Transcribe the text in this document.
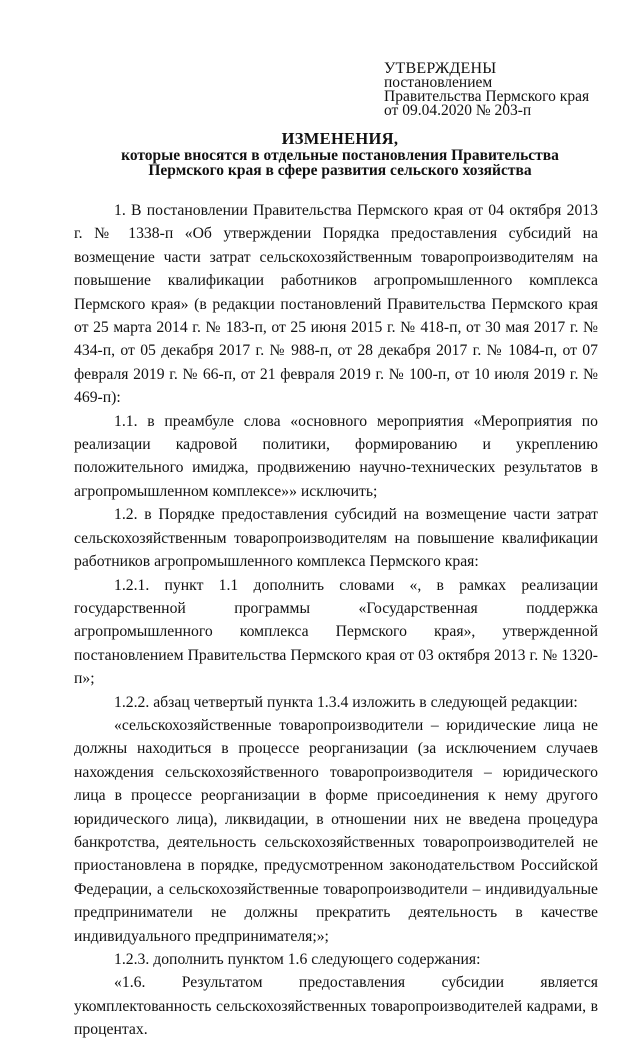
УТВЕРЖДЕНЫ
постановлением
Правительства Пермского края
от 09.04.2020 № 203-п
ИЗМЕНЕНИЯ,
которые вносятся в отдельные постановления Правительства
Пермского края в сфере развития сельского хозяйства

1. В постановлении Правительства Пермского края от 04 октября 2013 г. № 1338-п «Об утверждении Порядка предоставления субсидий на возмещение части затрат сельскохозяйственным товаропроизводителям на повышение квалификации работников агропромышленного комплекса Пермского края» (в редакции постановлений Правительства Пермского края от 25 марта 2014 г. № 183-п, от 25 июня 2015 г. № 418-п, от 30 мая 2017 г. № 434-п, от 05 декабря 2017 г. № 988-п, от 28 декабря 2017 г. № 1084-п, от 07 февраля 2019 г. № 66-п, от 21 февраля 2019 г. № 100-п, от 10 июля 2019 г. № 469-п):

1.1. в преамбуле слова «основного мероприятия «Мероприятия по реализации кадровой политики, формированию и укреплению положительного имиджа, продвижению научно-технических результатов в агропромышленном комплексе»» исключить;

1.2. в Порядке предоставления субсидий на возмещение части затрат сельскохозяйственным товаропроизводителям на повышение квалификации работников агропромышленного комплекса Пермского края:

1.2.1. пункт 1.1 дополнить словами «, в рамках реализации государственной программы «Государственная поддержка агропромышленного комплекса Пермского края», утвержденной постановлением Правительства Пермского края от 03 октября 2013 г. № 1320-п»;

1.2.2. абзац четвертый пункта 1.3.4 изложить в следующей редакции:

«сельскохозяйственные товаропроизводители – юридические лица не должны находиться в процессе реорганизации (за исключением случаев нахождения сельскохозяйственного товаропроизводителя – юридического лица в процессе реорганизации в форме присоединения к нему другого юридического лица), ликвидации, в отношении них не введена процедура банкротства, деятельность сельскохозяйственных товаропроизводителей не приостановлена в порядке, предусмотренном законодательством Российской Федерации, а сельскохозяйственные товаропроизводители – индивидуальные предприниматели не должны прекратить деятельность в качестве индивидуального предпринимателя;»;

1.2.3. дополнить пунктом 1.6 следующего содержания:

«1.6. Результатом предоставления субсидии является укомплектованность сельскохозяйственных товаропроизводителей кадрами, в процентах.
